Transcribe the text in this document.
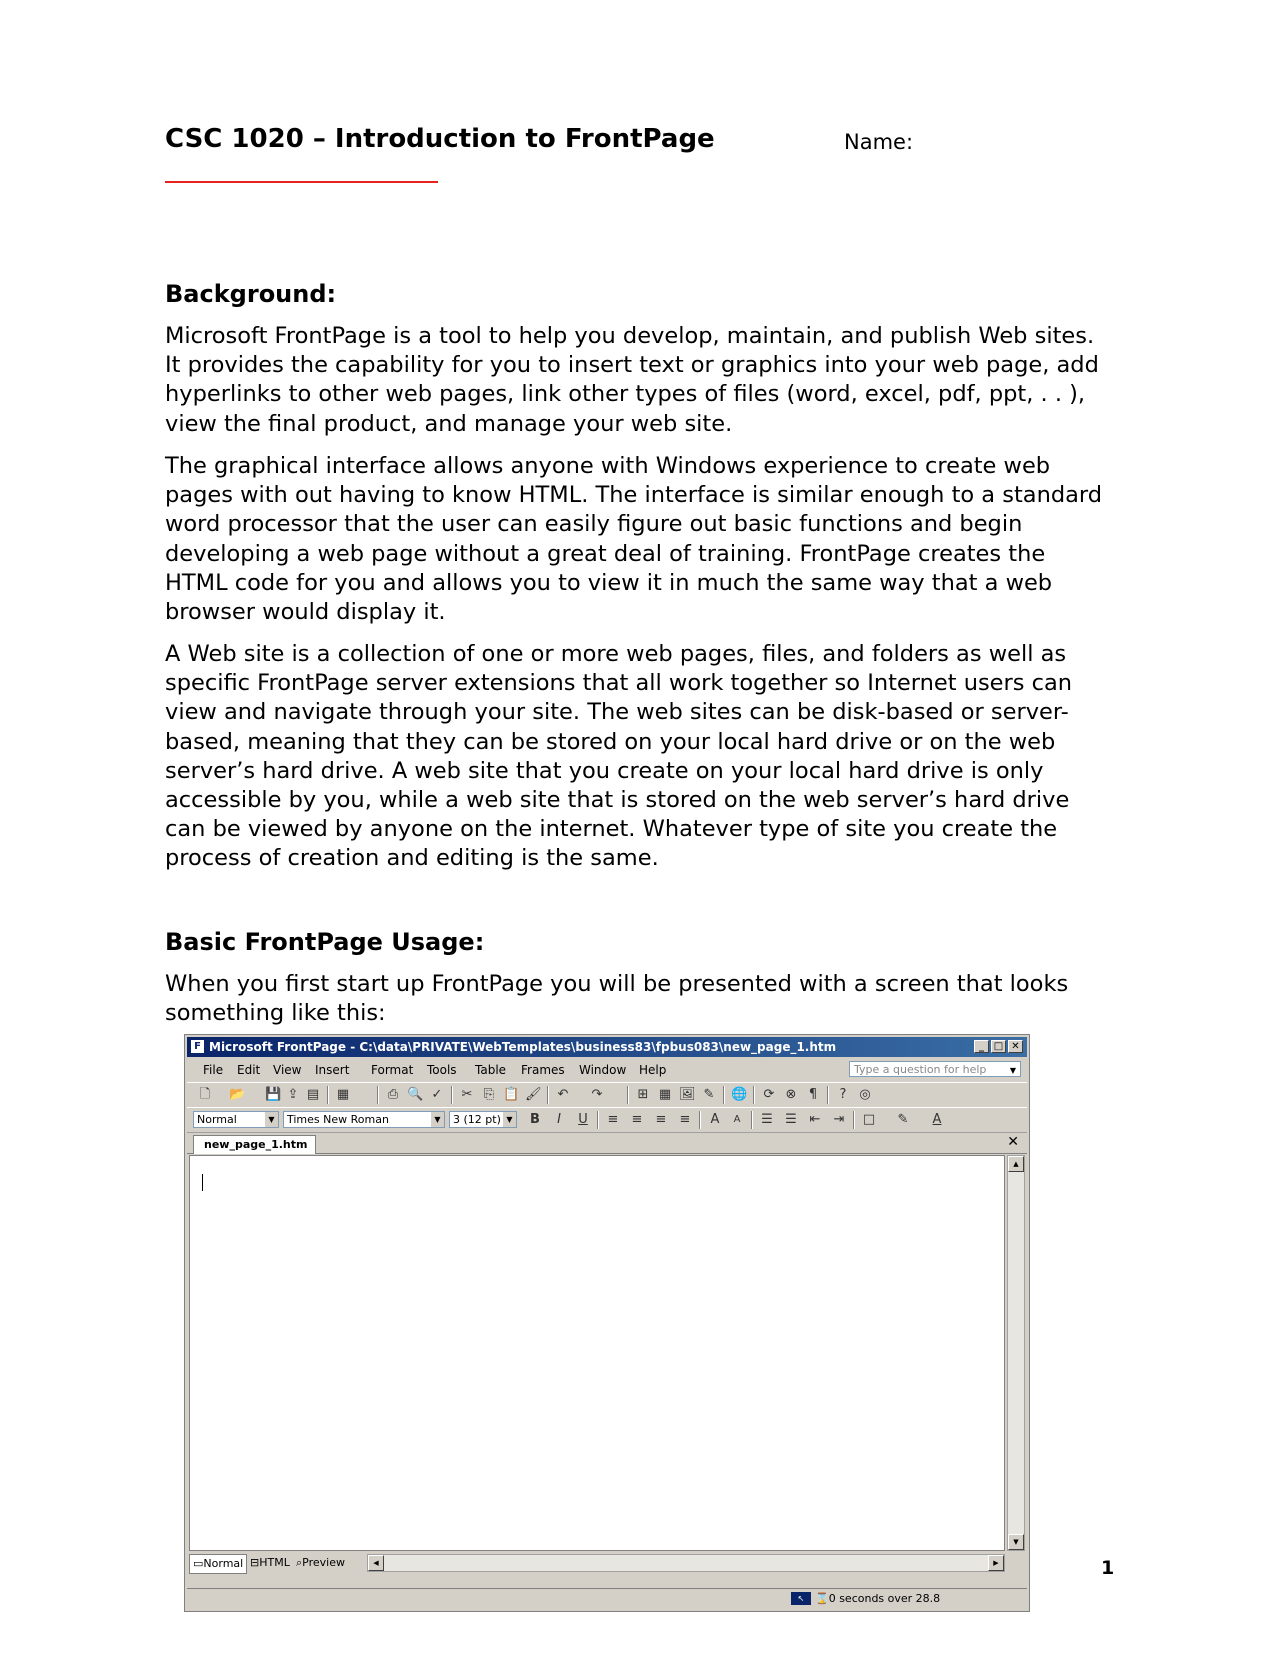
CSC 1020 – Introduction to FrontPage	Name:
Background:

Microsoft FrontPage is a tool to help you develop, maintain, and publish Web sites. It provides the capability for you to insert text or graphics into your web page, add hyperlinks to other web pages, link other types of files (word, excel, pdf, ppt, . . ), view the final product, and manage your web site.

The graphical interface allows anyone with Windows experience to create web pages with out having to know HTML. The interface is similar enough to a standard word processor that the user can easily figure out basic functions and begin developing a web page without a great deal of training. FrontPage creates the HTML code for you and allows you to view it in much the same way that a web browser would display it.

A Web site is a collection of one or more web pages, files, and folders as well as specific FrontPage server extensions that all work together so Internet users can view and navigate through your site. The web sites can be disk-based or server-based, meaning that they can be stored on your local hard drive or on the web server’s hard drive. A web site that you create on your local hard drive is only accessible by you, while a web site that is stored on the web server’s hard drive can be viewed by anyone on the internet. Whatever type of site you create the process of creation and editing is the same.

Basic FrontPage Usage:

When you first start up FrontPage you will be presented with a screen that looks something like this:

F Microsoft FrontPage - C:\data\PRIVATE\WebTemplates\business83\fpbus083\new_page_1.htm	_ □ ✕
File Edit View Insert Format Tools Table Frames Window Help	Type a question for help	▼
🗋 📂 💾 ⇪ ▤ ▦	⎙ 🔍 ✓ ✂ ⎘ 📋 🖌 ↶ ↷	⊞ ▦ 🖼 ✎ 🌐 ⟳ ⊗ ¶	? ◎
Normal	▼	Times New Roman	▼	3 (12 pt) ▼ B	I	U ≡ ≡ ≡ ≡ A	A	☰ ☰ ⇤ ⇥ □ ✎ A
new_page_1.htm	✕
▲
▼
▭Normal ⊟HTML ⌕Preview	◀	▶
↖ ⌛0 seconds over 28.8
1
